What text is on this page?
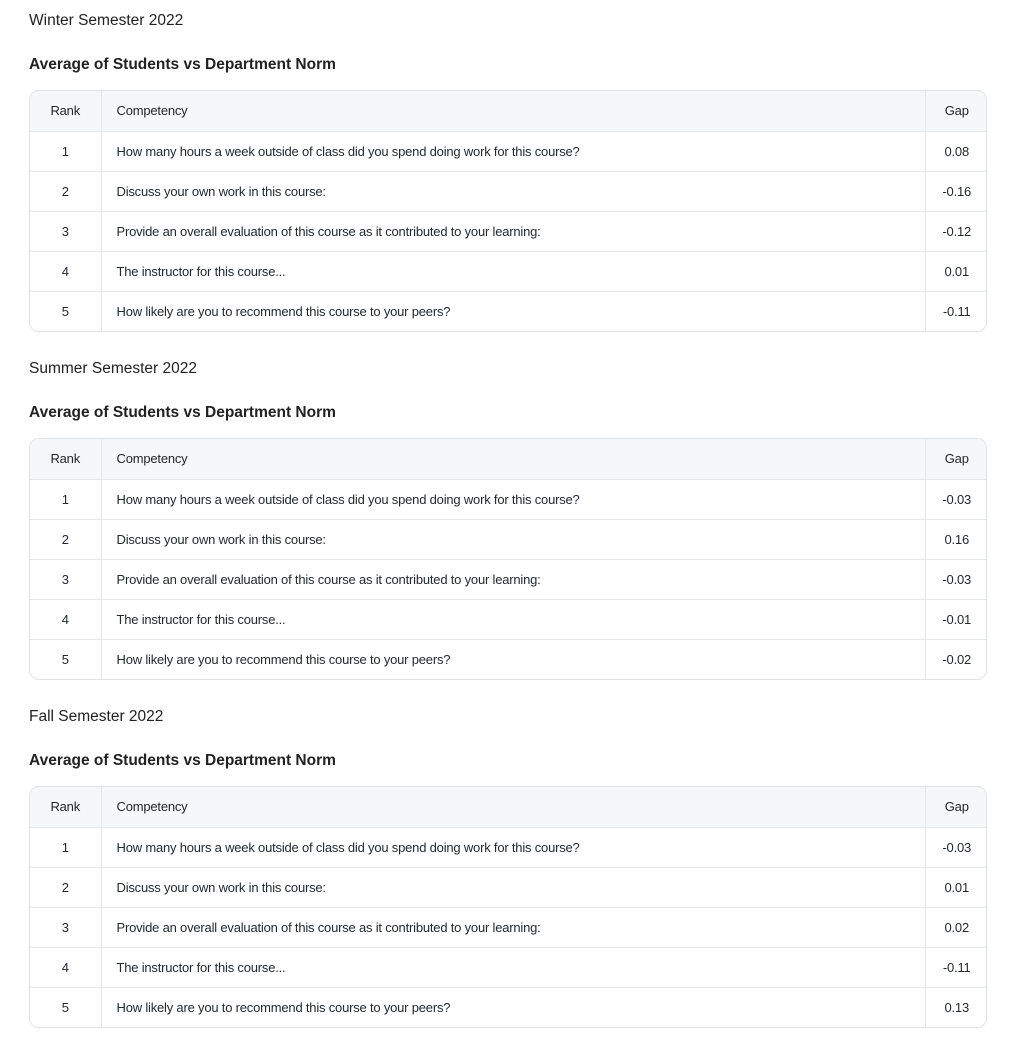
Winter Semester 2022
Average of Students vs Department Norm
Rank	Competency	Gap
1	How many hours a week outside of class did you spend doing work for this course?	0.08
2	Discuss your own work in this course:	-0.16
3	Provide an overall evaluation of this course as it contributed to your learning:	-0.12
4	The instructor for this course...	0.01
5	How likely are you to recommend this course to your peers?	-0.11
Summer Semester 2022
Average of Students vs Department Norm
Rank	Competency	Gap
1	How many hours a week outside of class did you spend doing work for this course?	-0.03
2	Discuss your own work in this course:	0.16
3	Provide an overall evaluation of this course as it contributed to your learning:	-0.03
4	The instructor for this course...	-0.01
5	How likely are you to recommend this course to your peers?	-0.02
Fall Semester 2022
Average of Students vs Department Norm
Rank	Competency	Gap
1	How many hours a week outside of class did you spend doing work for this course?	-0.03
2	Discuss your own work in this course:	0.01
3	Provide an overall evaluation of this course as it contributed to your learning:	0.02
4	The instructor for this course...	-0.11
5	How likely are you to recommend this course to your peers?	0.13
